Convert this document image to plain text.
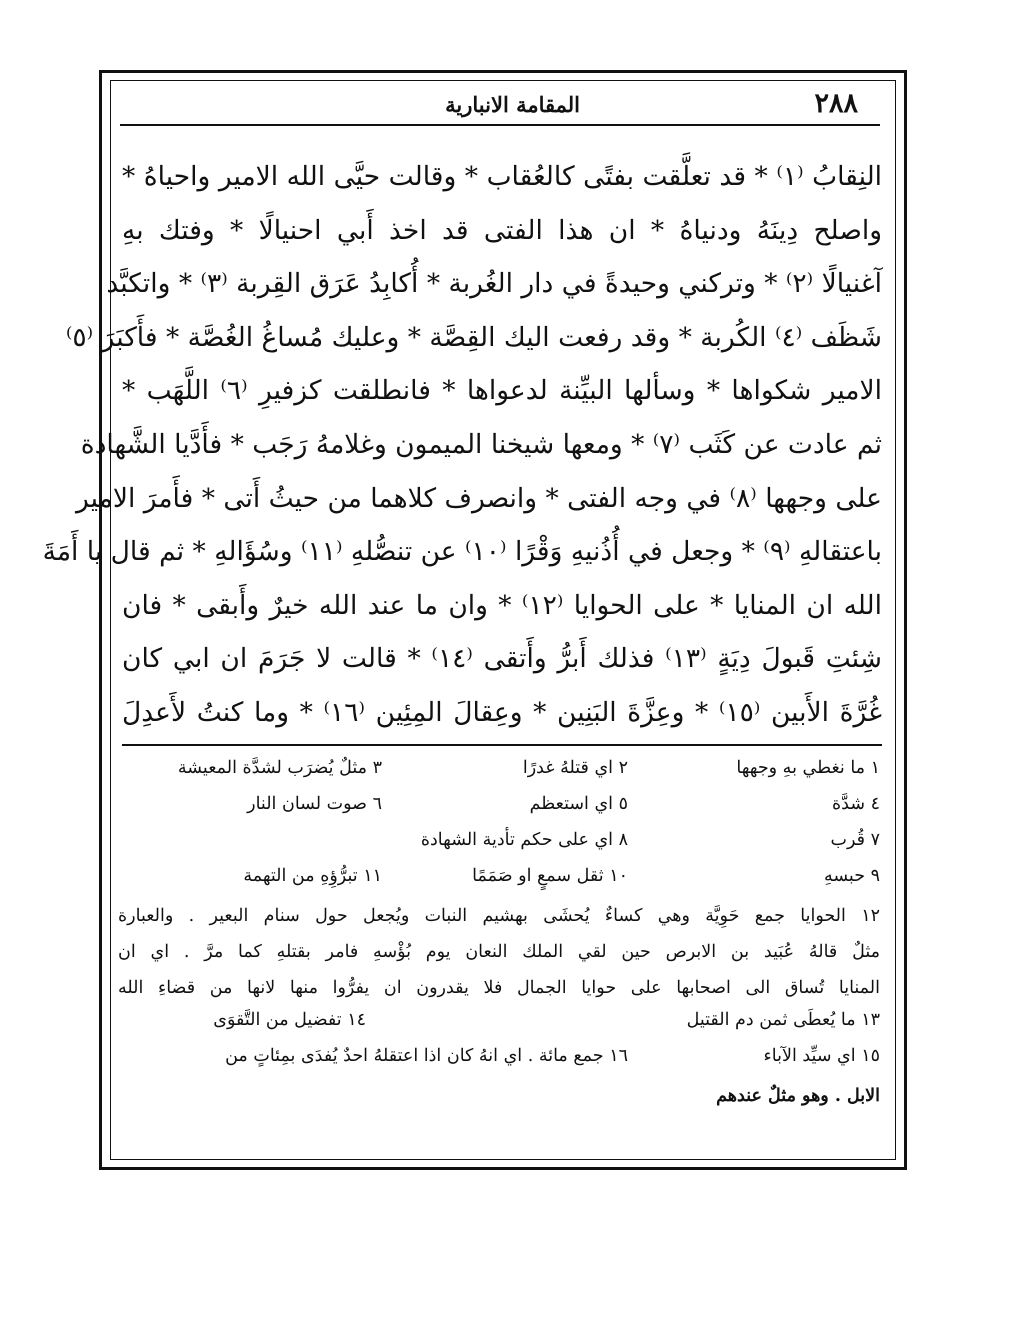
٢٨٨
المقامة الانبارية
النِقابُ ⁽١⁾ * قد تعلَّقت بفتًى كالعُقاب * وقالت حيَّى الله الامير واحياهُ *
واصلح دِينَهُ ودنياهُ * ان هذا الفتى قد اخذ أَبي احنيالًا * وفتك بهِ
آغنيالًا ⁽٢⁾ * وتركني وحيدةً في دار الغُربة * أُكابِدُ عَرَق القِربة ⁽٣⁾ * واتكبَّد
شَظَف ⁽٤⁾ الكُربة * وقد رفعت اليك القِصَّة * وعليك مُساغُ الغُصَّة * فأَكبَرَ ⁽٥⁾
الامير شكواها * وسألها البيِّنة لدعواها * فانطلقت كزفيرِ ⁽٦⁾ اللَّهَب *
ثم عادت عن كَثَب ⁽٧⁾ * ومعها شيخنا الميمون وغلامهُ رَجَب * فأَدَّيا الشَّهادة
على وجهها ⁽٨⁾ في وجه الفتى * وانصرف كلاهما من حيثُ أَتى * فأَمرَ الامير
باعتقالهِ ⁽٩⁾ * وجعل في أُذُنيهِ وَقْرًا ⁽١٠⁾ عن تنصُّلهِ ⁽١١⁾ وسُؤَالهِ * ثم قال يا أَمَةَ
الله ان المنايا * على الحوايا ⁽١٢⁾ * وان ما عند الله خيرٌ وأَبقى * فان
شِئتِ قَبولَ دِيَةٍ ⁽١٣⁾ فذلك أَبرُّ وأَتقى ⁽١٤⁾ * قالت لا جَرَمَ ان ابي كان
غُرَّةَ الأَبين ⁽١٥⁾ * وعِزَّةَ البَنِين * وعِقالَ المِئِين ⁽١٦⁾ * وما كنتُ لأَعدِلَ
١ ما نغطي بهِ وجهها
٢ اي قتلهُ غدرًا
٣ مثلٌ يُضرَب لشدَّة المعيشة
٤ شدَّة
٥ اي استعظم
٦ صوت لسان النار
٧ قُرب
٨ اي على حكم تأدية الشهادة
٩ حبسهِ
١٠ ثقل سمعٍ او صَمَمًا
١١ تبرُّؤِهِ من التهمة
١٢ الحوايا جمع حَوِيَّة وهي كساءٌ يُحشَى بهشيم النبات ويُجعل حول سنام البعير . والعبارة
مثلٌ قالهُ عُبَيد بن الابرص حين لقي الملك النعان يوم بُؤْسهِ فامر بقتلهِ كما مرَّ . اي ان
المنايا تُساق الى اصحابها على حوايا الجمال فلا يقدرون ان يفرُّوا منها لانها من قضاءِ الله
١٣ ما يُعطَى ثمن دم القتيل
١٤ تفضيل من التَّقوَى
١٥ اي سيِّد الآباء
١٦ جمع مائة . اي انهُ كان اذا اعتقلهُ احدٌ يُفدَى بمِئاتٍ من
الابل . وهو مثلٌ عندهم
